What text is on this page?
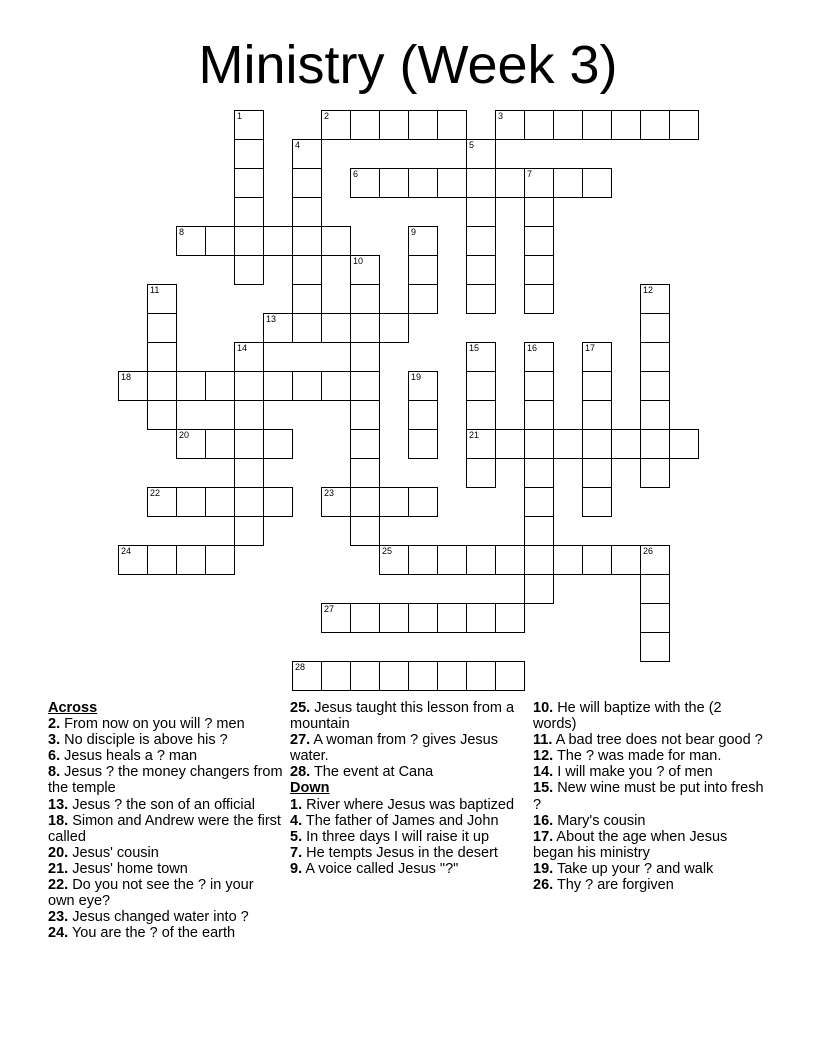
Ministry (Week 3)
1	2	3
4	5
6	7
8	9
10
11	12
13
14	15
21
16	17
18	19
20
22	23
24	25	26
27
28

Across

2. From now on you will ? men

3. No disciple is above his ?

6. Jesus heals a ? man

8. Jesus ? the money changers from the temple

13. Jesus ? the son of an official

18. Simon and Andrew were the first called

20. Jesus' cousin

21. Jesus' home town

22. Do you not see the ? in your own eye?

23. Jesus changed water into ?

24. You are the ? of the earth

25. Jesus taught this lesson from a mountain

27. A woman from ? gives Jesus water.

28. The event at Cana

Down

1. River where Jesus was baptized

4. The father of James and John

5. In three days I will raise it up

7. He tempts Jesus in the desert

9. A voice called Jesus "?"

10. He will baptize with the (2 words)

11. A bad tree does not bear good ?

12. The ? was made for man.

14. I will make you ? of men

15. New wine must be put into fresh ?

16. Mary's cousin

17. About the age when Jesus began his ministry

19. Take up your ? and walk

26. Thy ? are forgiven
